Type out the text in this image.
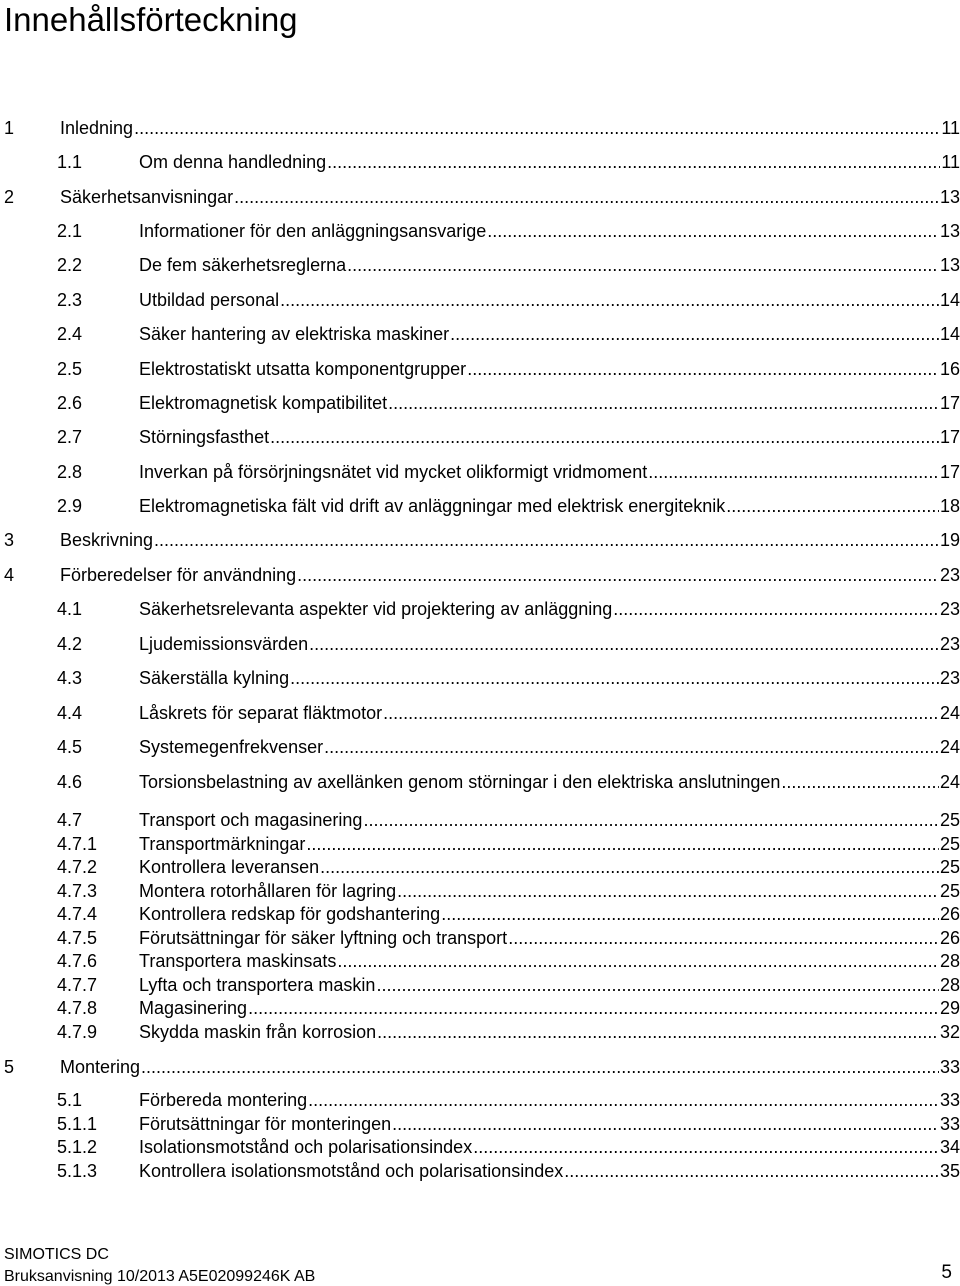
Innehållsförteckning
1	Inledning . . .	11
1.1	Om denna handledning . . .	11
2	Säkerhetsanvisningar . . .	13
2.1	Informationer för den anläggningsansvarige . . .	13
2.2	De fem säkerhetsreglerna . . .	13
2.3	Utbildad personal . . .	14
2.4	Säker hantering av elektriska maskiner . . .	14
2.5	Elektrostatiskt utsatta komponentgrupper . . .	16
2.6	Elektromagnetisk kompatibilitet . . .	17
2.7	Störningsfasthet . . .	17
2.8	Inverkan på försörjningsnätet vid mycket olikformigt vridmoment . . .	17
2.9	Elektromagnetiska fält vid drift av anläggningar med elektrisk energiteknik . . .	18
3	Beskrivning . . .	19
4	Förberedelser för användning . . .	23
4.1	Säkerhetsrelevanta aspekter vid projektering av anläggning . . .	23
4.2	Ljudemissionsvärden . . .	23
4.3	Säkerställa kylning . . .	23
4.4	Låskrets för separat fläktmotor . . .	24
4.5	Systemegenfrekvenser . . .	24
4.6	Torsionsbelastning av axellänken genom störningar i den elektriska anslutningen . . .	24
4.7	Transport och magasinering . . .	25
4.7.1	Transportmärkningar . . .	25
4.7.2	Kontrollera leveransen . . .	25
4.7.3	Montera rotorhållaren för lagring . . .	25
4.7.4	Kontrollera redskap för godshantering . . .	26
4.7.5	Förutsättningar för säker lyftning och transport . . .	26
4.7.6	Transportera maskinsats . . .	28
4.7.7	Lyfta och transportera maskin . . .	28
4.7.8	Magasinering . . .	29
4.7.9	Skydda maskin från korrosion . . .	32
5	Montering . . .	33
5.1	Förbereda montering . . .	33
5.1.1	Förutsättningar för monteringen . . .	33
5.1.2	Isolationsmotstånd och polarisationsindex . . .	34
5.1.3	Kontrollera isolationsmotstånd och polarisationsindex . . .	35
SIMOTICS DC
Bruksanvisning 10/2013 A5E02099246K AB	5
